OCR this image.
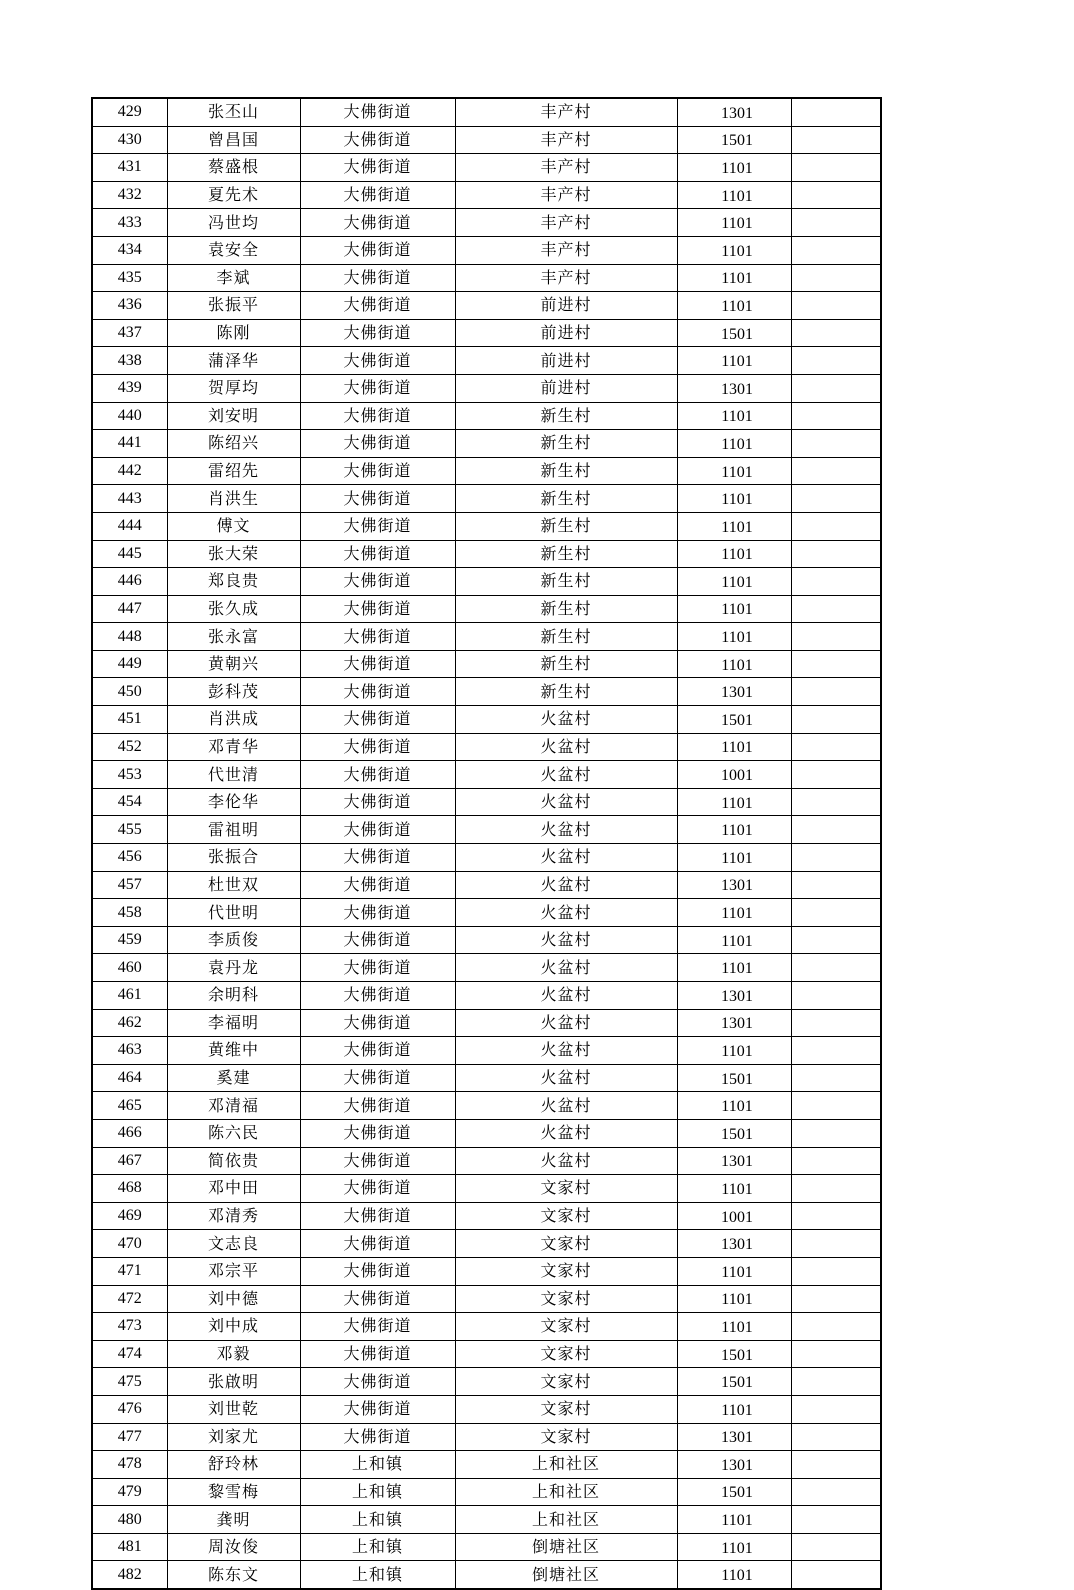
429	张丕山	大佛街道	丰产村	1301	
430	曾昌国	大佛街道	丰产村	1501	
431	蔡盛根	大佛街道	丰产村	1101	
432	夏先术	大佛街道	丰产村	1101	
433	冯世均	大佛街道	丰产村	1101	
434	袁安全	大佛街道	丰产村	1101	
435	李斌	大佛街道	丰产村	1101	
436	张振平	大佛街道	前进村	1101	
437	陈刚	大佛街道	前进村	1501	
438	蒲泽华	大佛街道	前进村	1101	
439	贺厚均	大佛街道	前进村	1301	
440	刘安明	大佛街道	新生村	1101	
441	陈绍兴	大佛街道	新生村	1101	
442	雷绍先	大佛街道	新生村	1101	
443	肖洪生	大佛街道	新生村	1101	
444	傅文	大佛街道	新生村	1101	
445	张大荣	大佛街道	新生村	1101	
446	郑良贵	大佛街道	新生村	1101	
447	张久成	大佛街道	新生村	1101	
448	张永富	大佛街道	新生村	1101	
449	黄朝兴	大佛街道	新生村	1101	
450	彭科茂	大佛街道	新生村	1301	
451	肖洪成	大佛街道	火盆村	1501	
452	邓青华	大佛街道	火盆村	1101	
453	代世清	大佛街道	火盆村	1001	
454	李伦华	大佛街道	火盆村	1101	
455	雷祖明	大佛街道	火盆村	1101	
456	张振合	大佛街道	火盆村	1101	
457	杜世双	大佛街道	火盆村	1301	
458	代世明	大佛街道	火盆村	1101	
459	李质俊	大佛街道	火盆村	1101	
460	袁丹龙	大佛街道	火盆村	1101	
461	余明科	大佛街道	火盆村	1301	
462	李福明	大佛街道	火盆村	1301	
463	黄维中	大佛街道	火盆村	1101	
464	奚建	大佛街道	火盆村	1501	
465	邓清福	大佛街道	火盆村	1101	
466	陈六民	大佛街道	火盆村	1501	
467	简依贵	大佛街道	火盆村	1301	
468	邓中田	大佛街道	文家村	1101	
469	邓清秀	大佛街道	文家村	1001	
470	文志良	大佛街道	文家村	1301	
471	邓宗平	大佛街道	文家村	1101	
472	刘中德	大佛街道	文家村	1101	
473	刘中成	大佛街道	文家村	1101	
474	邓毅	大佛街道	文家村	1501	
475	张啟明	大佛街道	文家村	1501	
476	刘世乾	大佛街道	文家村	1101	
477	刘家尤	大佛街道	文家村	1301	
478	舒玲林	上和镇	上和社区	1301	
479	黎雪梅	上和镇	上和社区	1501	
480	龚明	上和镇	上和社区	1101	
481	周汝俊	上和镇	倒塘社区	1101	
482	陈东文	上和镇	倒塘社区	1101	
